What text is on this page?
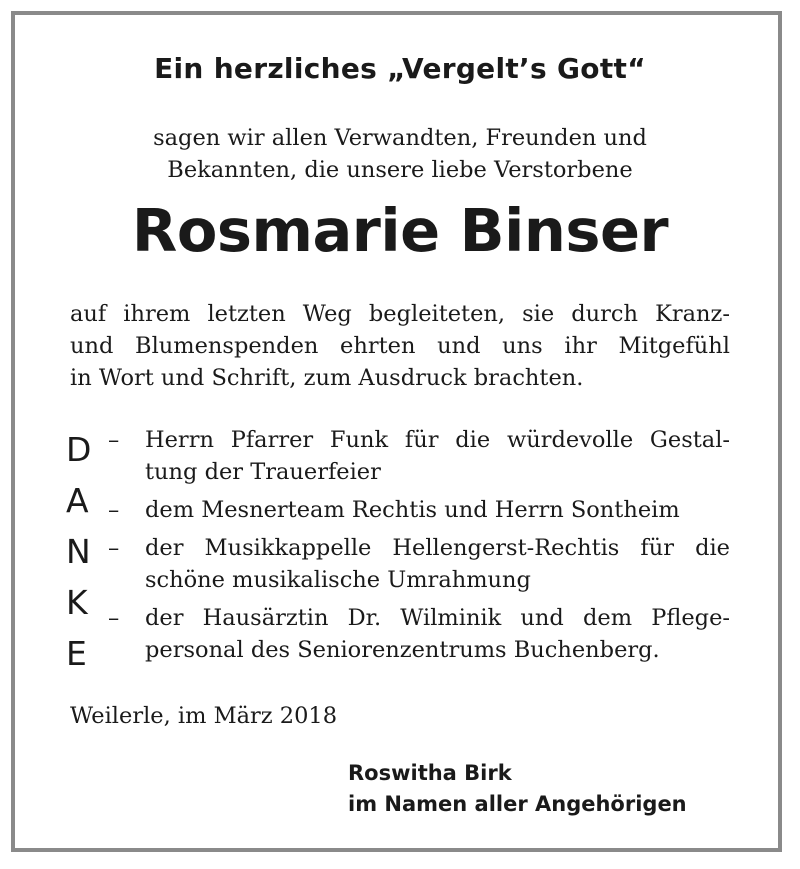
Ein herzliches „Vergelt’s Gott“
sagen wir allen Verwandten, Freunden und
Bekannten, die unsere liebe Verstorbene
Rosmarie Binser
auf ihrem letzten Weg begleiteten, sie durch Kranz-
und Blumenspenden ehrten und uns ihr Mitgefühl
in Wort und Schrift, zum Ausdruck brachten.
D
A
N
K
E
– Herrn Pfarrer Funk für die würdevolle Gestal-
tung der Trauerfeier
– dem Mesnerteam Rechtis und Herrn Sontheim
– der Musikkappelle Hellengerst-Rechtis für die
schöne musikalische Umrahmung
– der Hausärztin Dr. Wilminik und dem Pflege-
personal des Seniorenzentrums Buchenberg.
Weilerle, im März 2018
Roswitha Birk
im Namen aller Angehörigen
